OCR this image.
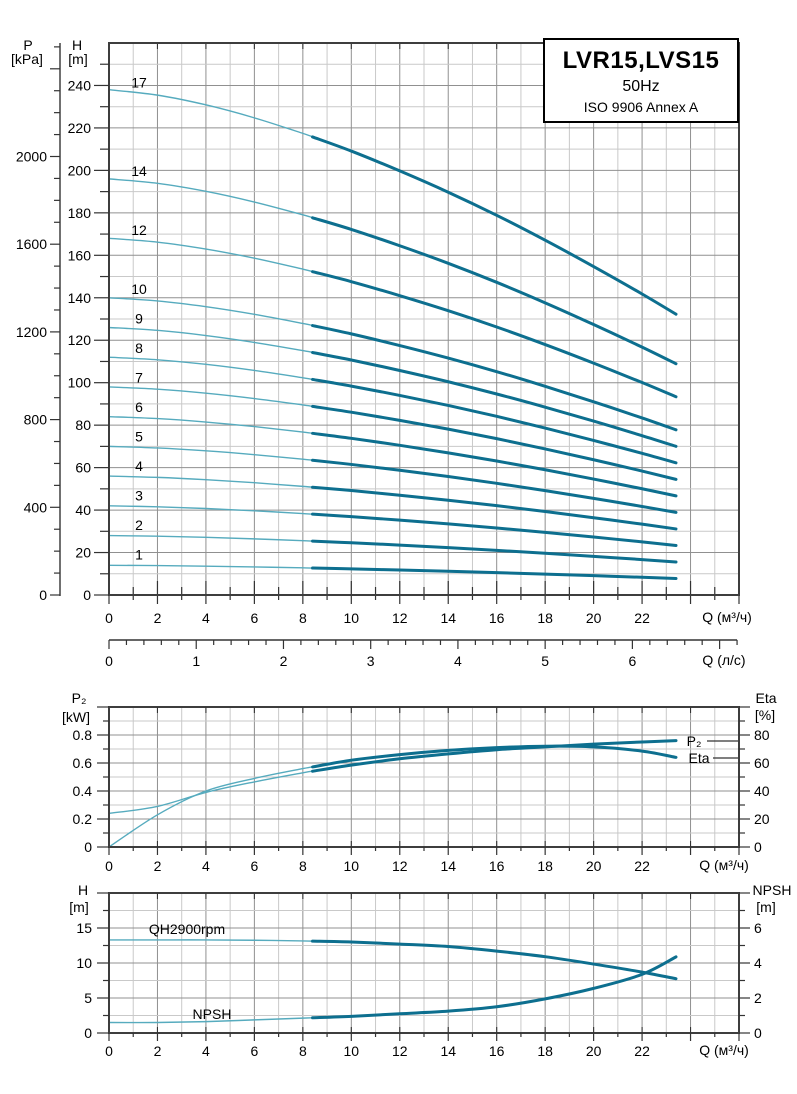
1
2
3
4
5
6
7
8
9
10
12
14
17
0
20
40
60
80
100
120
140
160
180
200
220
240
0
400
800
1200
1600
2000
0	2	4	6	8	10 12 14 16 18 20 22
0	1	2	3	4	5	6
0
0.2
0.4
0.6
0.8
0
20
40
60
80
0	2	4	6	8	10 12 14 16 18 20 22
0
5
10
15
0
2
4
6
0	2	4	6	8	10 12 14 16 18 20 22
P
[kPa]
H
[m]	LVR15,LVS15
50Hz
ISO 9906 Annex A
Q (м³/ч)
Q (л/с)
P₂
[kW]
Eta
[%]
P₂
Eta
Q (м³/ч)
H
[m]
NPSH
[m]
QH2900rpm
NPSH
Q (м³/ч)
